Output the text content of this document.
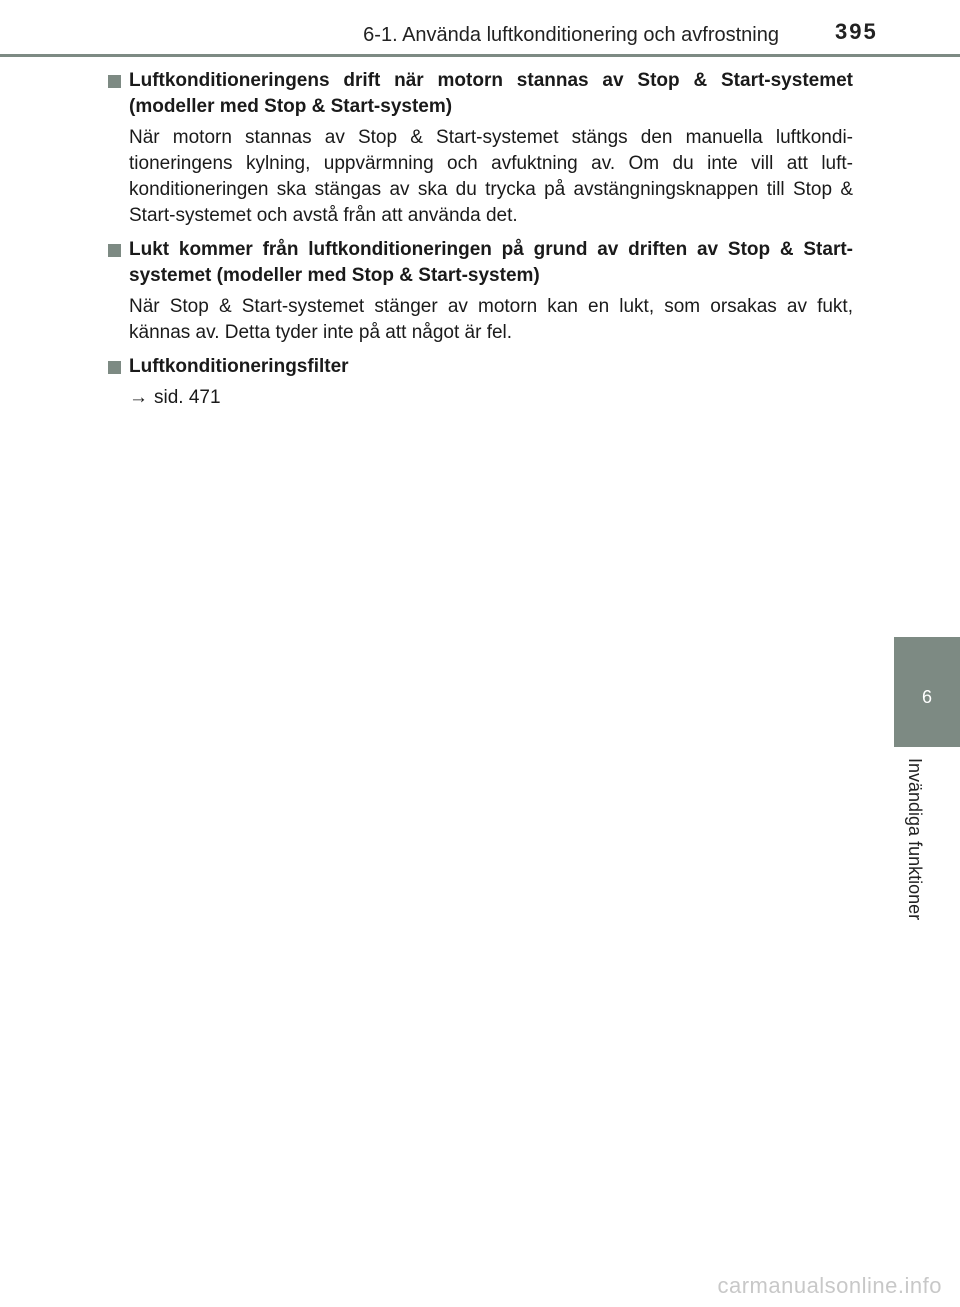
6-1. Använda luftkonditionering och avfrostning	395
6
Invändiga funktioner
Luftkonditioneringens drift när motorn stannas av Stop & Start-systemet (modeller med Stop & Start-system)
När motorn stannas av Stop & Start-systemet stängs den manuella luftkondi-tioneringens kylning, uppvärmning och avfuktning av. Om du inte vill att luft-konditioneringen ska stängas av ska du trycka på avstängningsknappen till Stop & Start-systemet och avstå från att använda det.
Lukt kommer från luftkonditioneringen på grund av driften av Stop & Start-systemet (modeller med Stop & Start-system)
När Stop & Start-systemet stänger av motorn kan en lukt, som orsakas av fukt, kännas av. Detta tyder inte på att något är fel.
Luftkonditioneringsfilter
→ sid. 471
carmanualsonline.info
